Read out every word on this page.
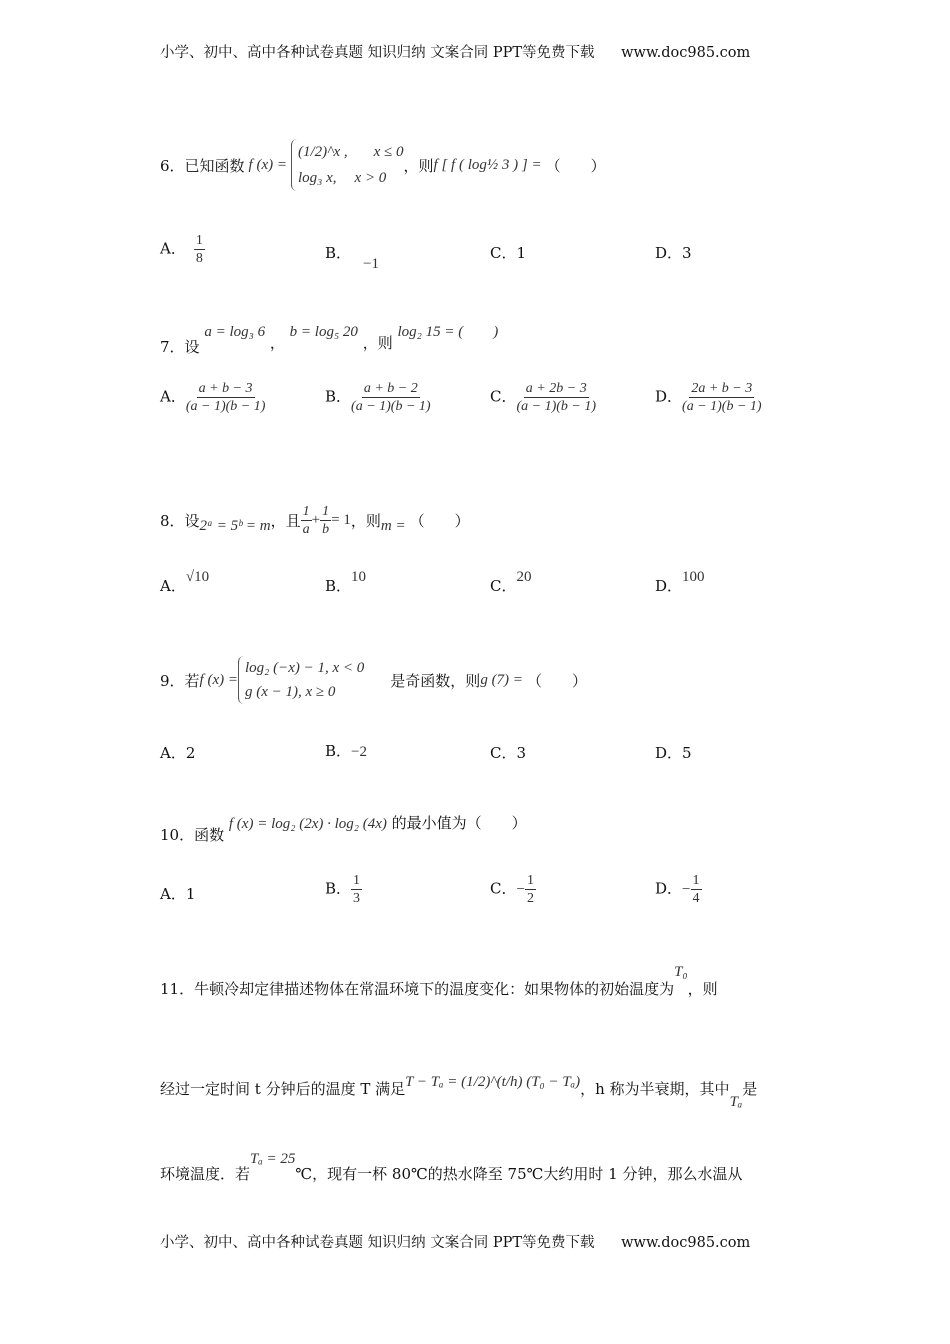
小学、初中、高中各种试卷真题 知识归纳 文案合同 PPT等免费下载 www.doc985.com
6．已知函数 f (x) =
(1/2)^x , x ≤ 0
log₃ x, x > 0
，则 f [ f ( log½ 3 ) ] = （　　）
A． $\frac{1}{8}$	B．−1
C．1	D．3
7．设 a = log₃ 6 ， b = log₅ 20 ，则 log₂ 15 = (　　)
A． $\frac{a + b - 3}{(a - 1)(b - 1)}$	B． $\frac{a + b - 2}{(a - 1)(b - 1)}$	C． $\frac{a + 2b - 3}{(a - 1)(b - 1)}$	D． $\frac{2a + b - 3}{(a - 1)(b - 1)}$
8．设 2ᵃ = 5ᵇ = m ，且 $\frac{1}{a} + \frac{1}{b} = 1$ ，则 m = （　　）
A．√10	B．10	C．20	D．100
9．若 f (x) =
log₂ (−x) − 1, x < 0
g (x − 1), x ≥ 0
是奇函数，则 g (7) = （　　）
A．2	B．−2	C．3	D．5
10．函数 f (x) = log₂ (2x) · log₂ (4x) 的最小值为（　　）
A．1	B． $\frac{1}{3}$	C．− $\frac{1}{2}$	D．− $\frac{1}{4}$
11．牛顿冷却定律描述物体在常温环境下的温度变化：如果物体的初始温度为T₀，则
经过一定时间 t 分钟后的温度 T 满足T − Tₐ = (1/2)^(t/h) (T₀ − Tₐ)，h 称为半衰期，其中Tₐ是
环境温度．若Tₐ = 25℃，现有一杯 80℃的热水降至 75℃大约用时 1 分钟，那么水温从
小学、初中、高中各种试卷真题 知识归纳 文案合同 PPT等免费下载 www.doc985.com
